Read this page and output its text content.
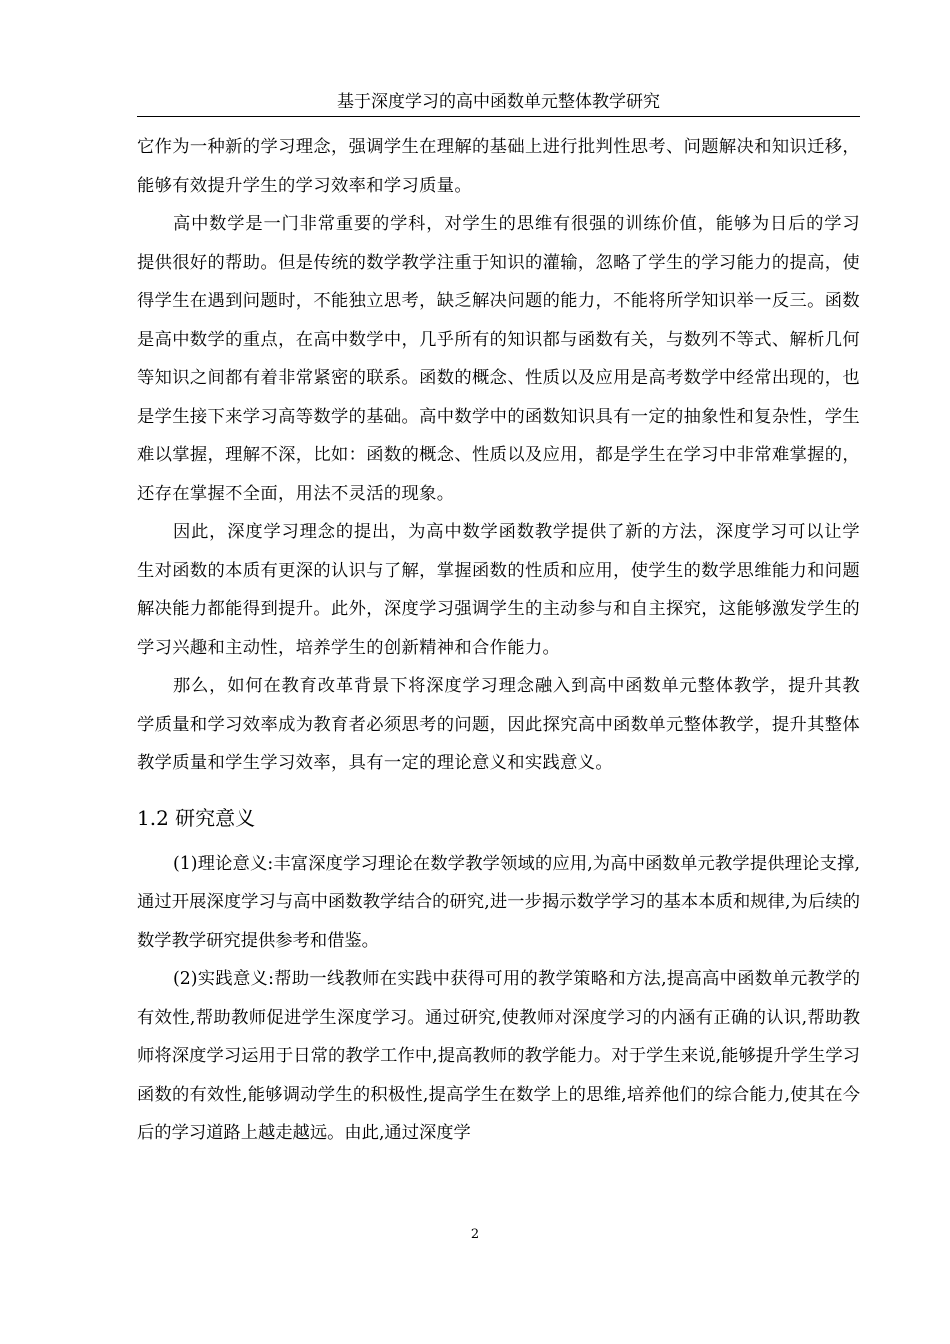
基于深度学习的高中函数单元整体教学研究

它作为一种新的学习理念，强调学生在理解的基础上进行批判性思考、问题解决和知识迁移，能够有效提升学生的学习效率和学习质量。

高中数学是一门非常重要的学科，对学生的思维有很强的训练价值，能够为日后的学习提供很好的帮助。但是传统的数学教学注重于知识的灌输，忽略了学生的学习能力的提高，使得学生在遇到问题时，不能独立思考，缺乏解决问题的能力，不能将所学知识举一反三。函数是高中数学的重点，在高中数学中，几乎所有的知识都与函数有关，与数列不等式、解析几何等知识之间都有着非常紧密的联系。函数的概念、性质以及应用是高考数学中经常出现的，也是学生接下来学习高等数学的基础。高中数学中的函数知识具有一定的抽象性和复杂性，学生难以掌握，理解不深，比如：函数的概念、性质以及应用，都是学生在学习中非常难掌握的，还存在掌握不全面，用法不灵活的现象。

因此，深度学习理念的提出，为高中数学函数教学提供了新的方法，深度学习可以让学生对函数的本质有更深的认识与了解，掌握函数的性质和应用，使学生的数学思维能力和问题解决能力都能得到提升。此外，深度学习强调学生的主动参与和自主探究，这能够激发学生的学习兴趣和主动性，培养学生的创新精神和合作能力。

那么，如何在教育改革背景下将深度学习理念融入到高中函数单元整体教学，提升其教学质量和学习效率成为教育者必须思考的问题，因此探究高中函数单元整体教学，提升其整体教学质量和学生学习效率，具有一定的理论意义和实践意义。

1.2 研究意义

(1)理论意义:丰富深度学习理论在数学教学领域的应用,为高中函数单元教学提供理论支撑,通过开展深度学习与高中函数教学结合的研究,进一步揭示数学学习的基本本质和规律,为后续的数学教学研究提供参考和借鉴。

(2)实践意义:帮助一线教师在实践中获得可用的教学策略和方法,提高高中函数单元教学的有效性,帮助教师促进学生深度学习。通过研究,使教师对深度学习的内涵有正确的认识,帮助教师将深度学习运用于日常的教学工作中,提高教师的教学能力。对于学生来说,能够提升学生学习函数的有效性,能够调动学生的积极性,提高学生在数学上的思维,培养他们的综合能力,使其在今后的学习道路上越走越远。由此,通过深度学

2
